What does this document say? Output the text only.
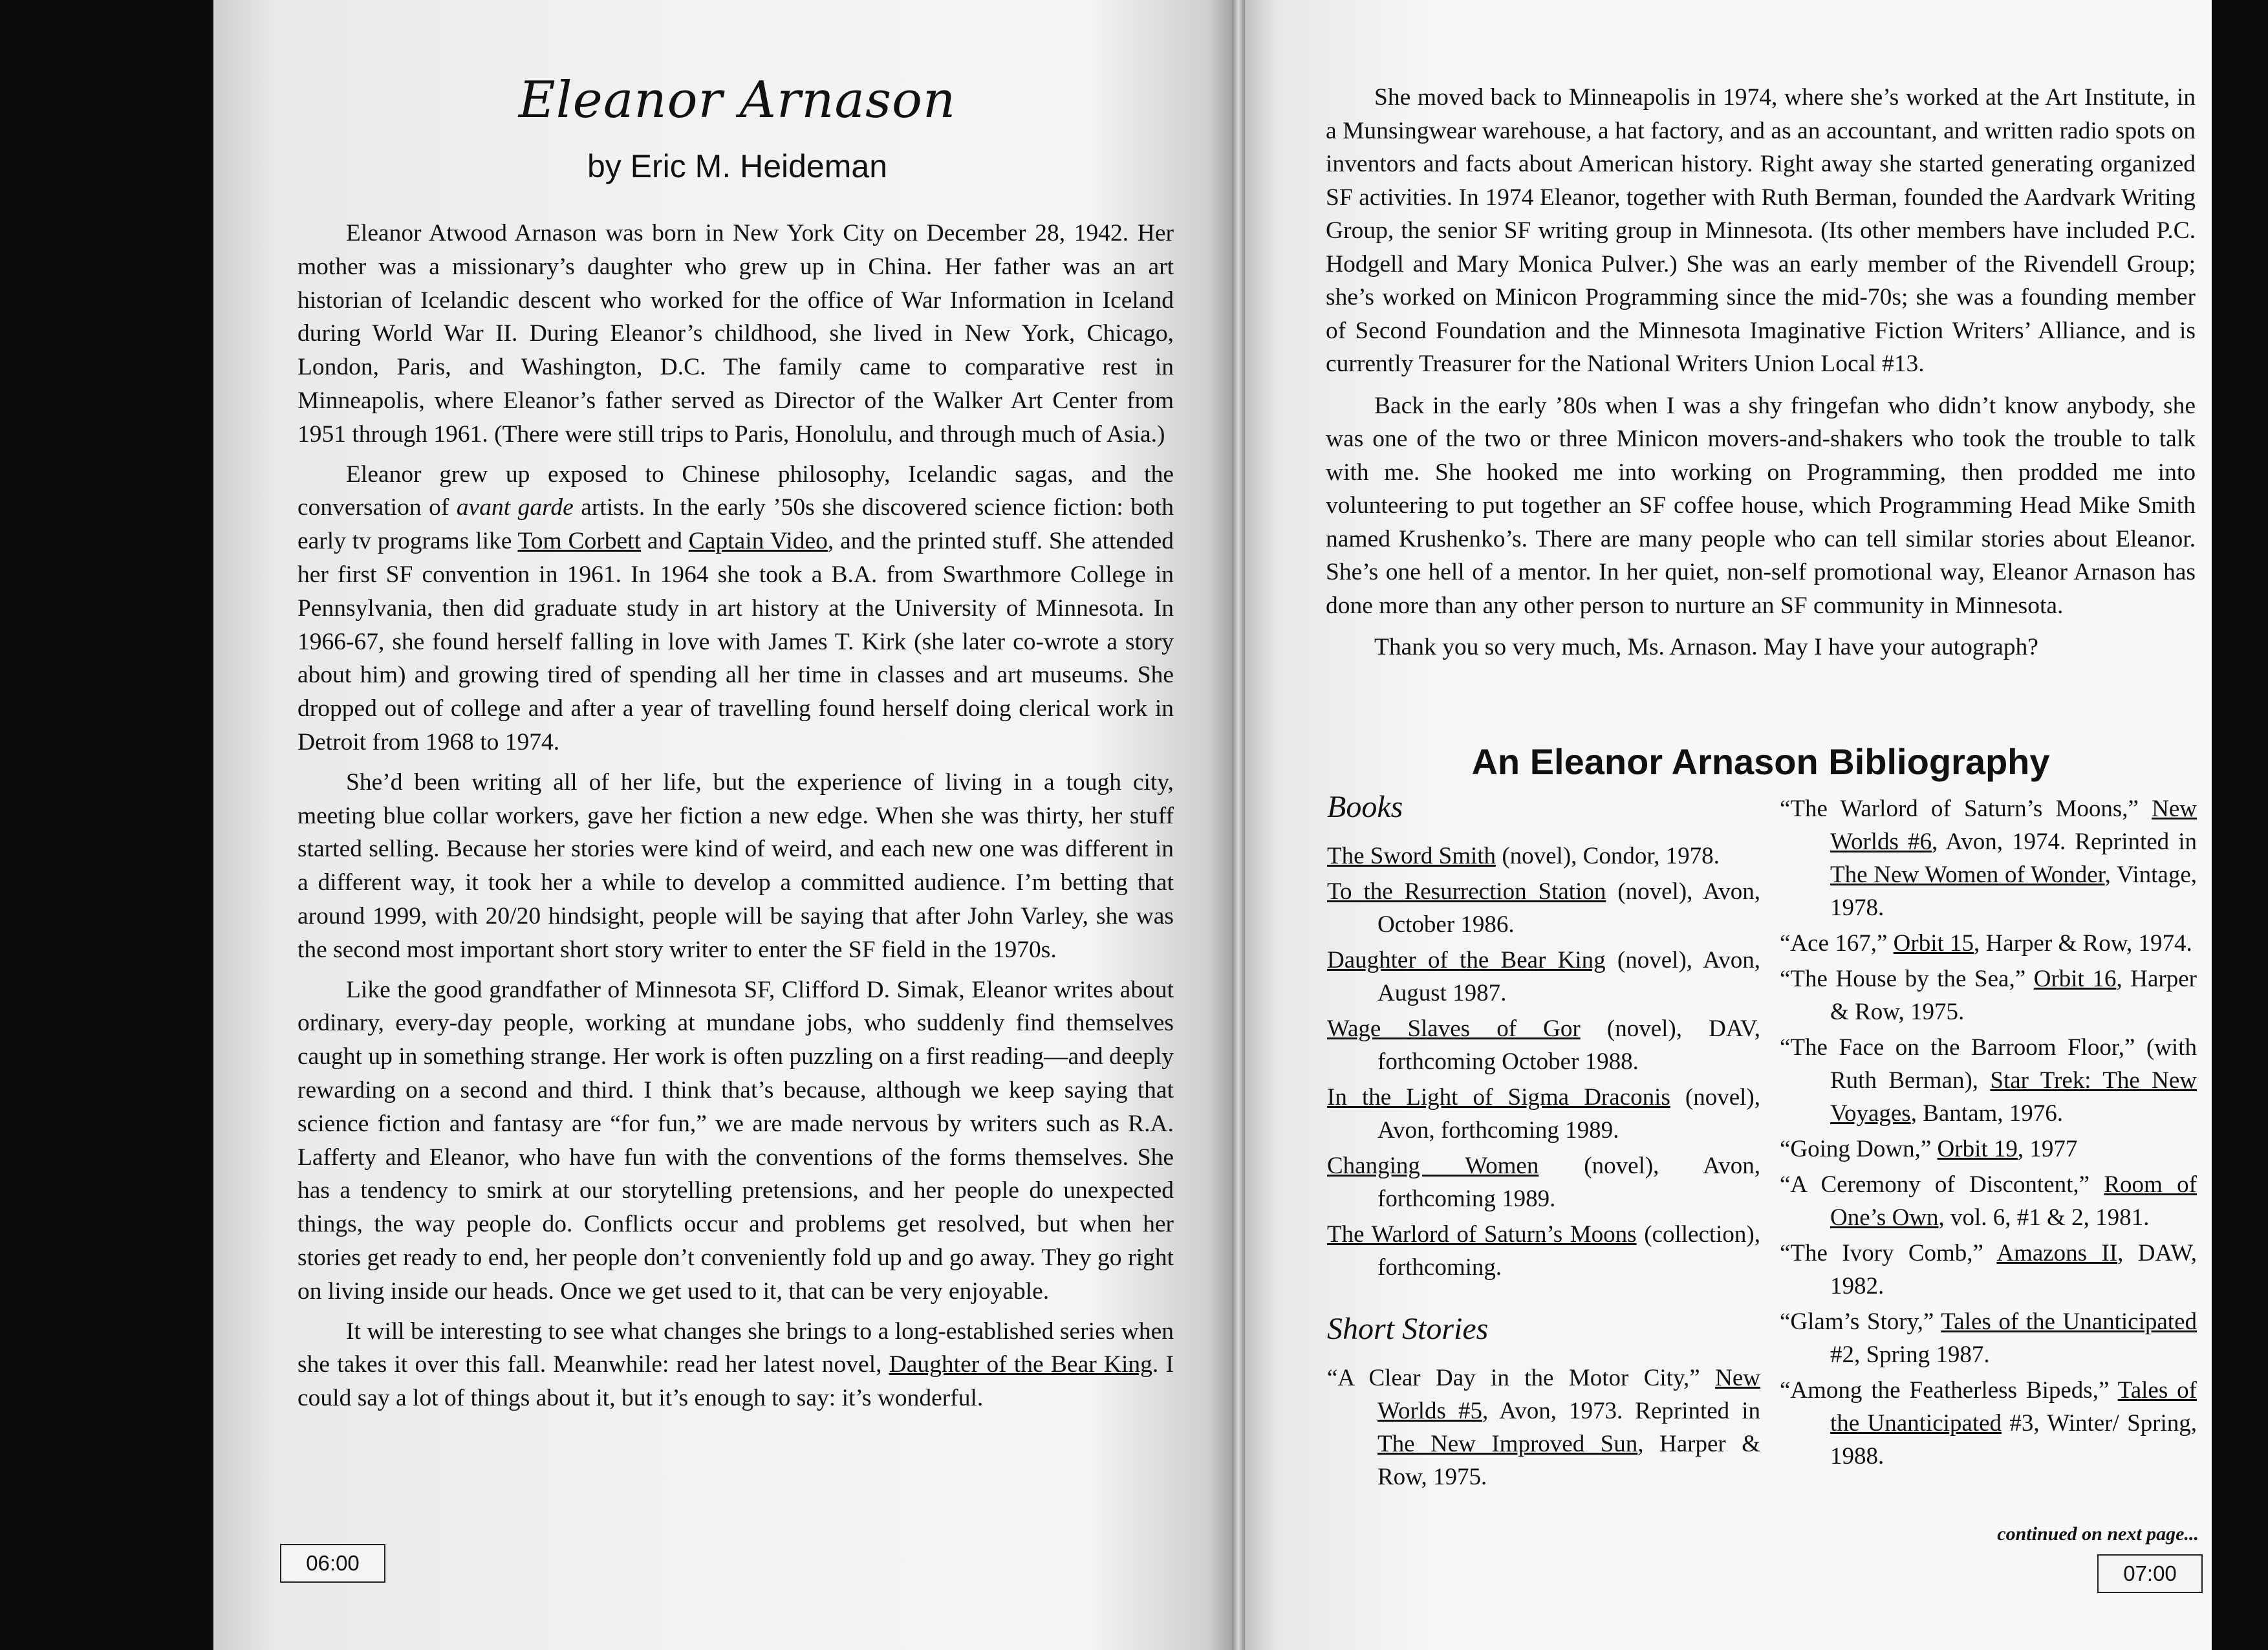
Eleanor Arnason
by Eric M. Heideman

Eleanor Atwood Arnason was born in New York City on December 28, 1942. Her mother was a missionary’s daughter who grew up in China. Her father was an art historian of Icelandic descent who worked for the office of War Information in Iceland during World War II. During Eleanor’s childhood, she lived in New York, Chicago, London, Paris, and Washington, D.C. The family came to comparative rest in Minneapolis, where Eleanor’s father served as Director of the Walker Art Center from 1951 through 1961. (There were still trips to Paris, Honolulu, and through much of Asia.)

Eleanor grew up exposed to Chinese philosophy, Icelandic sagas, and the conversation of avant garde artists. In the early ’50s she discovered science fiction: both early tv programs like Tom Corbett and Captain Video, and the printed stuff. She attended her first SF convention in 1961. In 1964 she took a B.A. from Swarthmore College in Pennsylvania, then did graduate study in art history at the University of Minnesota. In 1966-67, she found herself falling in love with James T. Kirk (she later co-wrote a story about him) and growing tired of spending all her time in classes and art museums. She dropped out of college and after a year of travelling found herself doing clerical work in Detroit from 1968 to 1974.

She’d been writing all of her life, but the experience of living in a tough city, meeting blue collar workers, gave her fiction a new edge. When she was thirty, her stuff started selling. Because her stories were kind of weird, and each new one was different in a different way, it took her a while to develop a committed audience. I’m betting that around 1999, with 20/20 hindsight, people will be saying that after John Varley, she was the second most important short story writer to enter the SF field in the 1970s.

Like the good grandfather of Minnesota SF, Clifford D. Simak, Eleanor writes about ordinary, every-day people, working at mundane jobs, who suddenly find themselves caught up in something strange. Her work is often puzzling on a first reading—and deeply rewarding on a second and third. I think that’s because, although we keep saying that science fiction and fantasy are “for fun,” we are made nervous by writers such as R.A. Lafferty and Eleanor, who have fun with the conventions of the forms themselves. She has a tendency to smirk at our storytelling pretensions, and her people do unexpected things, the way people do. Conflicts occur and problems get resolved, but when her stories get ready to end, her people don’t conveniently fold up and go away. They go right on living inside our heads. Once we get used to it, that can be very enjoyable.

It will be interesting to see what changes she brings to a long-established series when she takes it over this fall. Meanwhile: read her latest novel, Daughter of the Bear King. I could say a lot of things about it, but it’s enough to say: it’s wonderful.

06:00

She moved back to Minneapolis in 1974, where she’s worked at the Art Institute, in a Munsingwear warehouse, a hat factory, and as an accountant, and written radio spots on inventors and facts about American history. Right away she started generating organized SF activities. In 1974 Eleanor, together with Ruth Berman, founded the Aardvark Writing Group, the senior SF writing group in Minnesota. (Its other members have included P.C. Hodgell and Mary Monica Pulver.) She was an early member of the Rivendell Group; she’s worked on Minicon Programming since the mid-70s; she was a founding member of Second Foundation and the Minnesota Imaginative Fiction Writers’ Alliance, and is currently Treasurer for the National Writers Union Local #13.

Back in the early ’80s when I was a shy fringefan who didn’t know anybody, she was one of the two or three Minicon movers-and-shakers who took the trouble to talk with me. She hooked me into working on Programming, then prodded me into volunteering to put together an SF coffee house, which Programming Head Mike Smith named Krushenko’s. There are many people who can tell similar stories about Eleanor. She’s one hell of a mentor. In her quiet, non-self promotional way, Eleanor Arnason has done more than any other person to nurture an SF community in Minnesota.

Thank you so very much, Ms. Arnason. May I have your autograph?

An Eleanor Arnason Bibliography
Books
The Sword Smith (novel), Condor, 1978.
To the Resurrection Station (novel), Avon, October 1986.
Daughter of the Bear King (novel), Avon, August 1987.
Wage Slaves of Gor (novel), DAV, forthcoming October 1988.
In the Light of Sigma Draconis (novel), Avon, forthcoming 1989.
Changing Women (novel), Avon, forthcoming 1989.
The Warlord of Saturn’s Moons (collection), forthcoming.
Short Stories
“A Clear Day in the Motor City,” New Worlds #5, Avon, 1973. Reprinted in The New Improved Sun, Harper & Row, 1975.
“The Warlord of Saturn’s Moons,” New Worlds #6, Avon, 1974. Reprinted in The New Women of Wonder, Vintage, 1978.
“Ace 167,” Orbit 15, Harper & Row, 1974.
“The House by the Sea,” Orbit 16, Harper & Row, 1975.
“The Face on the Barroom Floor,” (with Ruth Berman), Star Trek: The New Voyages, Bantam, 1976.
“Going Down,” Orbit 19, 1977
“A Ceremony of Discontent,” Room of One’s Own, vol. 6, #1 & 2, 1981.
“The Ivory Comb,” Amazons II, DAW, 1982.
“Glam’s Story,” Tales of the Unanticipated #2, Spring 1987.
“Among the Featherless Bipeds,” Tales of the Unanticipated #3, Winter/ Spring, 1988.
continued on next page...
07:00
